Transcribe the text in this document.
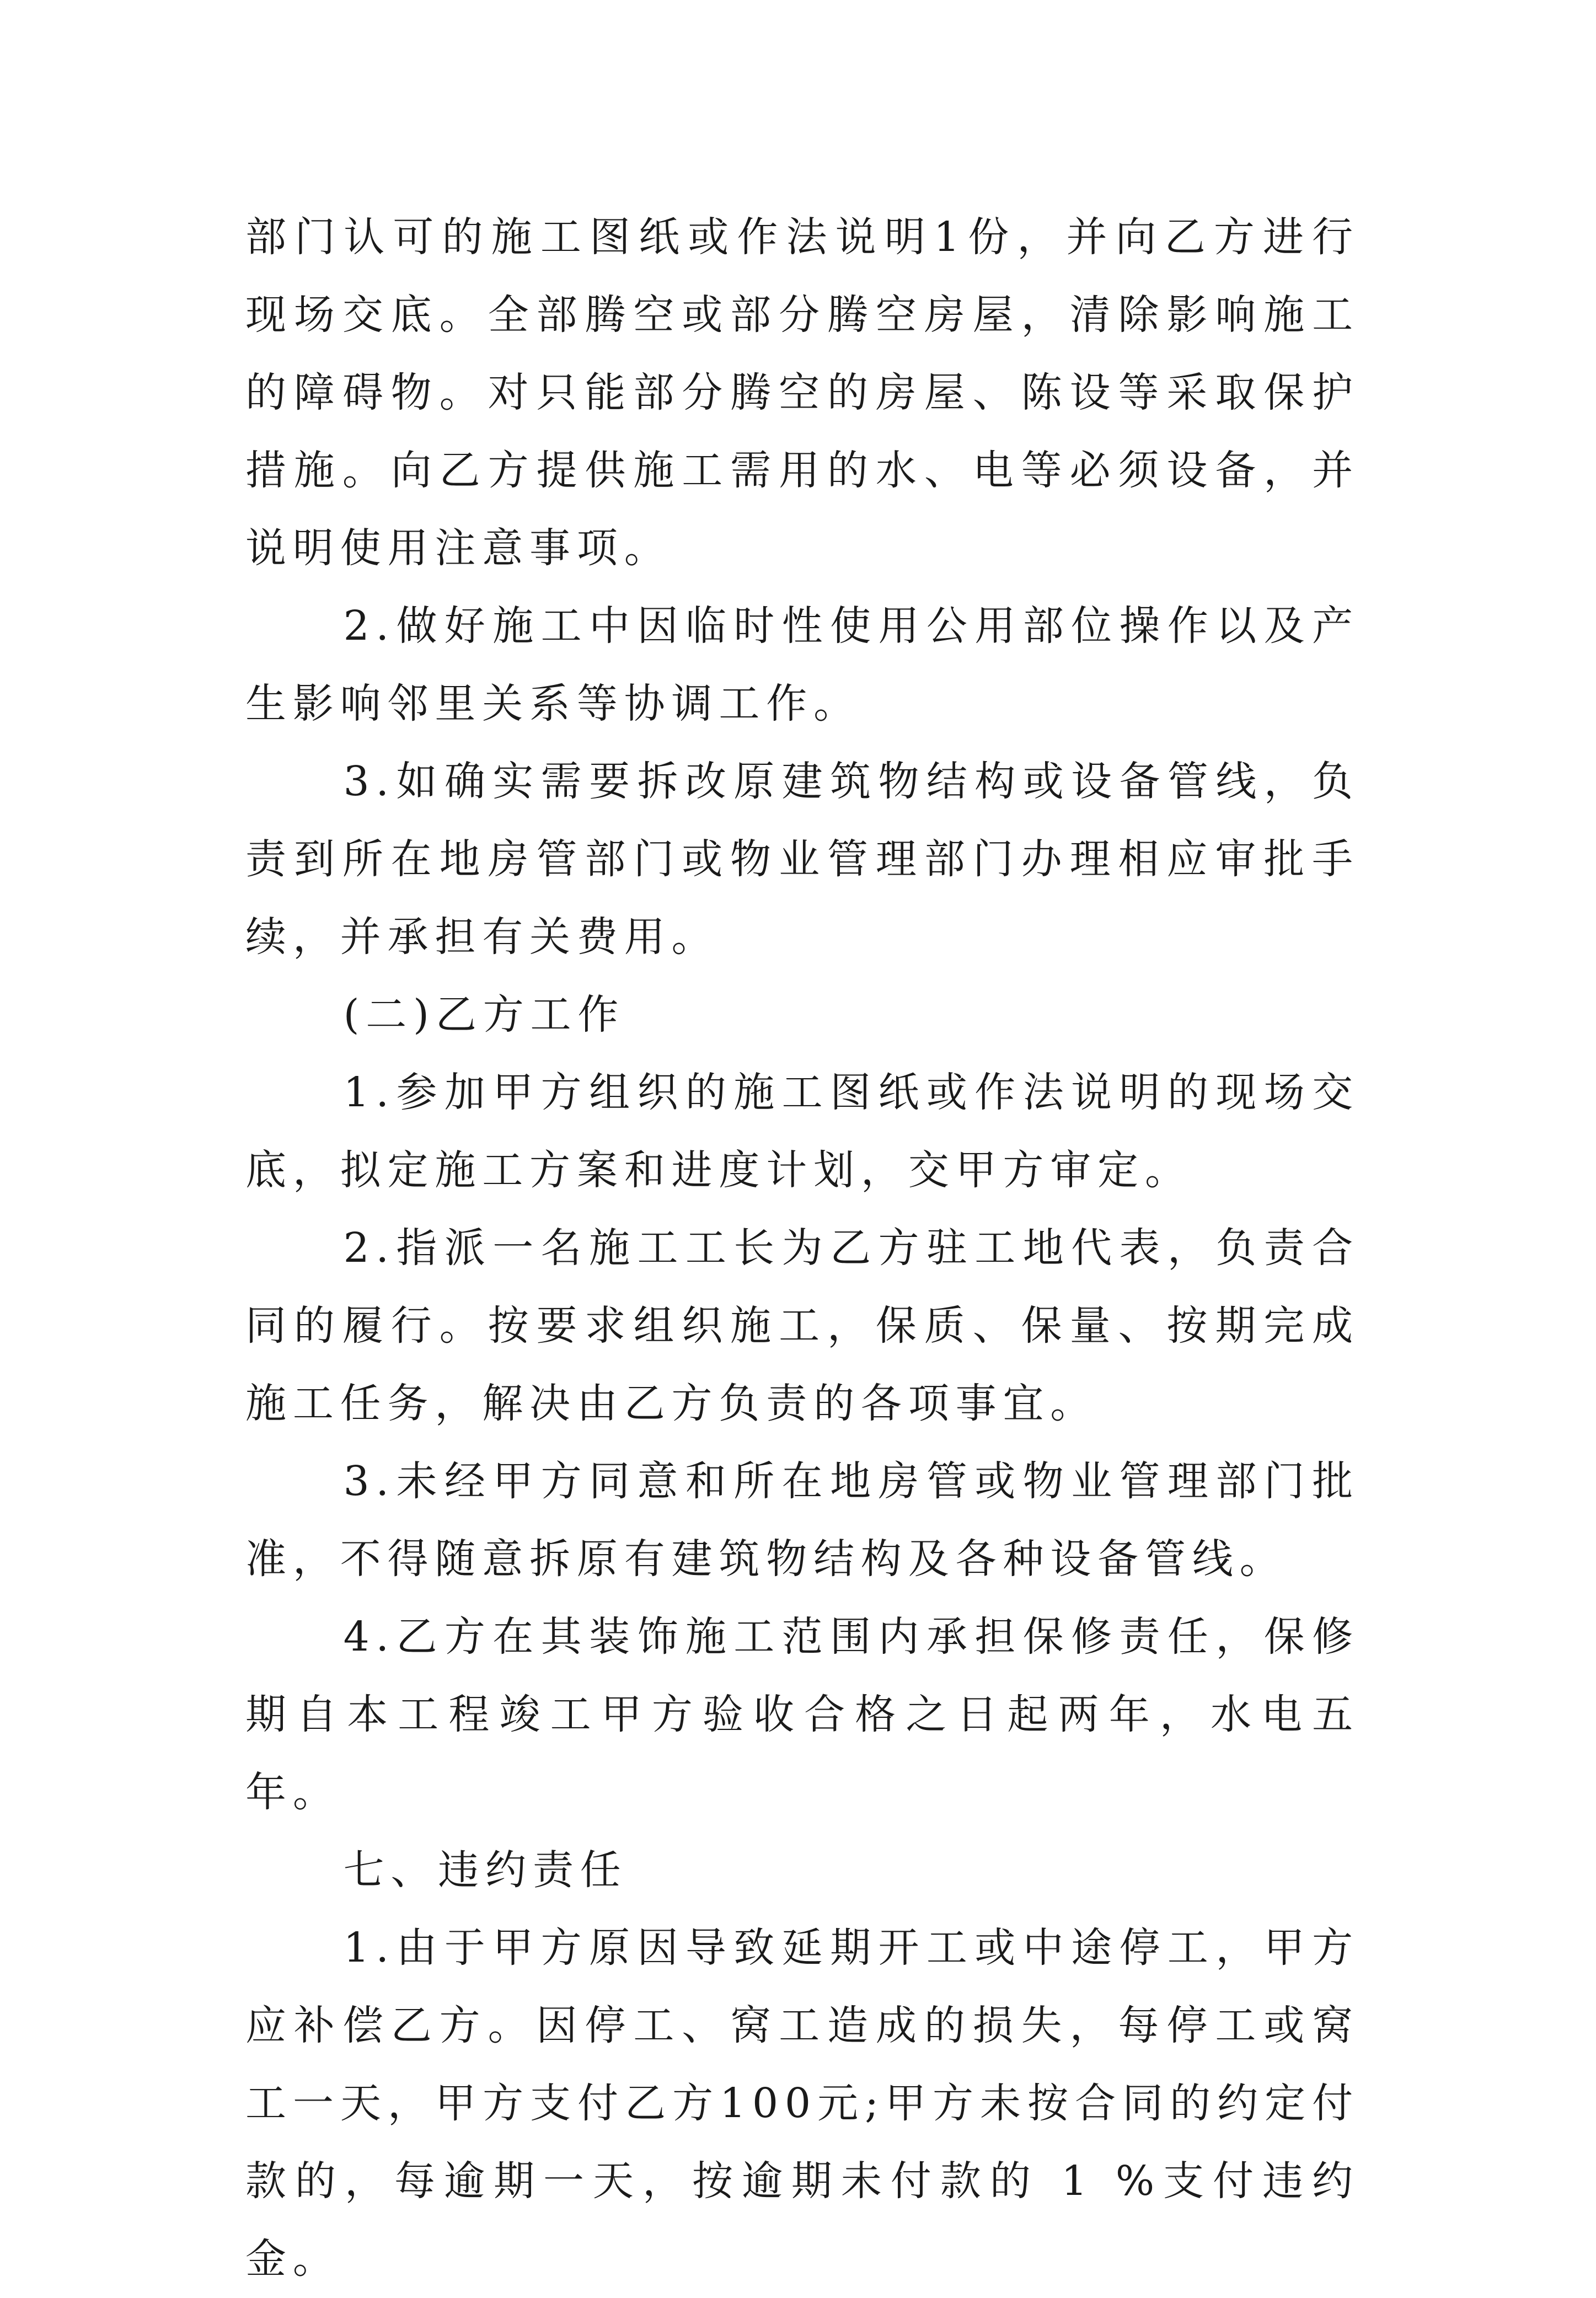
部门认可的施工图纸或作法说明1份，并向乙方进行现场交底。全部腾空或部分腾空房屋，清除影响施工的障碍物。对只能部分腾空的房屋、陈设等采取保护措施。向乙方提供施工需用的水、电等必须设备，并说明使用注意事项。

2.做好施工中因临时性使用公用部位操作以及产生影响邻里关系等协调工作。

3.如确实需要拆改原建筑物结构或设备管线，负责到所在地房管部门或物业管理部门办理相应审批手续，并承担有关费用。

(二)乙方工作

1.参加甲方组织的施工图纸或作法说明的现场交底，拟定施工方案和进度计划，交甲方审定。

2.指派一名施工工长为乙方驻工地代表，负责合同的履行。按要求组织施工，保质、保量、按期完成施工任务，解决由乙方负责的各项事宜。

3.未经甲方同意和所在地房管或物业管理部门批准，不得随意拆原有建筑物结构及各种设备管线。

4.乙方在其装饰施工范围内承担保修责任，保修期自本工程竣工甲方验收合格之日起两年，水电五年。

七、违约责任

1.由于甲方原因导致延期开工或中途停工，甲方应补偿乙方。因停工、窝工造成的损失，每停工或窝工一天，甲方支付乙方100元;甲方未按合同的约定付款的，每逾期一天，按逾期未付款的 1 %支付违约金。
